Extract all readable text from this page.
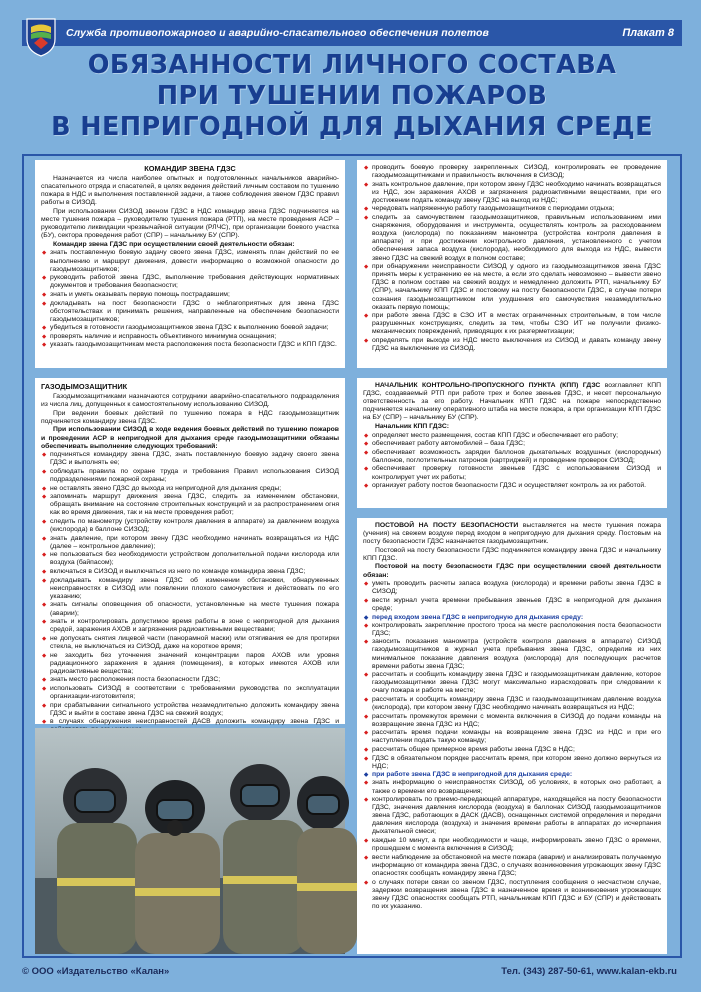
Служба противопожарного и аварийно-спасательного обеспечения полетов	Плакат 8
ОБЯЗАННОСТИ ЛИЧНОГО СОСТАВА
ПРИ ТУШЕНИИ ПОЖАРОВ
В НЕПРИГОДНОЙ ДЛЯ ДЫХАНИЯ СРЕДЕ
КОМАНДИР ЗВЕНА ГДЗС

Назначается из числа наиболее опытных и подготовленных начальников аварийно-спасательного отряда и спасателей, в целях ведения действий личным составом по тушению пожара в НДС и выполнения поставленной задачи, а также соблюдения звеном ГДЗС правил работы в СИЗОД.

При использовании СИЗОД звеном ГДЗС в НДС командир звена ГДЗС подчиняется на месте тушения пожара – руководителю тушения пожара (РТП), на месте проведения АСР – руководителю ликвидации чрезвычайной ситуации (РЛЧС), при организации боевого участка (БУ), сектора проведения работ (СПР) – начальнику БУ (СПР).

Командир звена ГДЗС при осуществлении своей деятельности обязан:

◆ знать поставленную боевую задачу своего звена ГДЗС, изменять план действий по ее выполнению и маршрут движения, довести информацию о возможной опасности до газодымозащитников;
◆ руководить работой звена ГДЗС, выполнение требования действующих нормативных документов и требования безопасности;
◆ знать и уметь оказывать первую помощь пострадавшим;
◆ докладывать на пост безопасности ГДЗС о неблагоприятных для звена ГДЗС обстоятельствах и принимать решения, направленные на обеспечение безопасности газодымозащитников;
◆ убедиться в готовности газодымозащитников звена ГДЗС к выполнению боевой задачи;
◆ проверять наличие и исправность объективного минимума оснащения;
◆ указать газодымозащитникам места расположения поста безопасности ГДЗС и КПП ГДЗС.
◆ проводить боевую проверку закрепленных СИЗОД, контролировать ее проведение газодымозащитниками и правильность включения в СИЗОД;
◆ знать контрольное давление, при котором звену ГДЗС необходимо начинать возвращаться из НДС, зон заражения АХОВ и загрязнения радиоактивными веществами, при его достижении подать команду звену ГДЗС на выход из НДС;
◆ чередовать напряженную работу газодымозащитников с периодами отдыха;
◆ следить за самочувствием газодымозащитников, правильным использованием ими снаряжения, оборудования и инструмента, осуществлять контроль за расходованием воздуха (кислорода) по показаниям манометра (устройства контроля давления в аппарате) и при достижении контрольного давления, установленного с учетом обеспечения запаса воздуха (кислорода), необходимого для выхода из НДС, вывести звено ГДЗС на свежий воздух в полном составе;
◆ при обнаружении неисправности СИЗОД у одного из газодымозащитников звена ГДЗС принять меры к устранению ее на месте, а если это сделать невозможно – вывести звено ГДЗС в полном составе на свежий воздух и немедленно доложить РТП, начальнику БУ (СПР), начальнику КПП ГДЗС и постовому на посту безопасности ГДЗС, в случае потери сознания газодымозащитником или ухудшения его самочувствия незамедлительно оказать первую помощь;
◆ при работе звена ГДЗС в СЗО ИТ в местах ограниченных строительным, в том числе разрушенных конструкциях, следить за тем, чтобы СЗО ИТ не получили физико-механических повреждений, приводящих к их разгерметизации;
◆ определять при выходе из НДС место выключения из СИЗОД и давать команду звену ГДЗС на выключение из СИЗОД.
ГАЗОДЫМОЗАЩИТНИК

Газодымозащитниками назначаются сотрудники аварийно-спасательного подразделения из числа лиц, допущенных к самостоятельному использованию СИЗОД.

При ведении боевых действий по тушению пожара в НДС газодымозащитник подчиняется командиру звена ГДЗС.

При использовании СИЗОД в ходе ведения боевых действий по тушению пожаров и проведении АСР в непригодной для дыхания среде газодымозащитники обязаны обеспечивать выполнение следующих требований:

◆ подчиняться командиру звена ГДЗС, знать поставленную боевую задачу своего звена ГДЗС и выполнять ее;
◆ соблюдать правила по охране труда и требования Правил использования СИЗОД подразделениями пожарной охраны;
◆ не оставлять звено ГДЗС до выхода из непригодной для дыхания среды;
◆ запоминать маршрут движения звена ГДЗС, следить за изменением обстановки, обращать внимание на состояние строительных конструкций и за распространением огня как во время движения, так и на месте проведения работ;
◆ следить по манометру (устройству контроля давления в аппарате) за давлением воздуха (кислорода) в баллоне СИЗОД;
◆ знать давление, при котором звену ГДЗС необходимо начинать возвращаться из НДС (далее – контрольное давление);
◆ не пользоваться без необходимости устройством дополнительной подачи кислорода или воздуха (байпасом);
◆ включаться в СИЗОД и выключаться из него по команде командира звена ГДЗС;
◆ докладывать командиру звена ГДЗС об изменении обстановки, обнаруженных неисправностях в СИЗОД или появлении плохого самочувствия и действовать по его указанию;
◆ знать сигналы оповещения об опасности, установленные на месте тушения пожара (аварии);
◆ знать и контролировать допустимое время работы в зоне с непригодной для дыхания средой, заражения АХОВ и загрязнения радиоактивными веществами;
◆ не допускать снятия лицевой части (панорамной маски) или отягивания ее для протирки стекла, не выключаться из СИЗОД, даже на короткое время;
◆ не заходить без уточнения значений концентрации паров АХОВ или уровня радиационного заражения в здания (помещения), в которых имеются АХОВ или радиоактивные вещества;
◆ знать место расположения поста безопасности ГДЗС;
◆ использовать СИЗОД в соответствии с требованиями руководства по эксплуатации организации-изготовителя;
◆ при срабатывании сигнального устройства незамедлительно доложить командиру звена ГДЗС и выйти в составе звена ГДЗС на свежий воздух;
◆ в случаях обнаружения неисправностей ДАСВ доложить командиру звена ГДЗС и

НАЧАЛЬНИК КОНТРОЛЬНО-ПРОПУСКНОГО ПУНКТА (КПП) ГДЗС возглавляет КПП ГДЗС, создаваемый РТП при работе трех и более звеньев ГДЗС, и несет персональную ответственность за его работу. Начальник КПП ГДЗС на пожаре непосредственно подчиняется начальнику оперативного штаба на месте пожара, а при организации КПП ГДЗС на БУ (СПР) – начальнику БУ (СПР).

Начальник КПП ГДЗС:

◆ определяет место размещения, состав КПП ГДЗС и обеспечивает его работу;
◆ обеспечивает работу автомобилей – база ГДЗС;
◆ обеспечивает возможность зарядки баллонов дыхательных воздушных (кислородных) баллонов, поглотительных патронов (картриджей) и проведение проверок СИЗОД;
◆ обеспечивает проверку готовности звеньев ГДЗС с использованием СИЗОД и контролирует учет их работы;
◆ организует работу постов безопасности ГДЗС и осуществляет контроль за их работой.

ПОСТОВОЙ НА ПОСТУ БЕЗОПАСНОСТИ выставляется на месте тушения пожара (учения) на свежем воздухе перед входом в непригодную для дыхания среду. Постовым на посту безопасности ГДЗС назначается газодымозащитник.

Постовой на посту безопасности ГДЗС подчиняется командиру звена ГДЗС и начальнику КПП ГДЗС.

Постовой на посту безопасности ГДЗС при осуществлении своей деятельности обязан:

◆ уметь проводить расчеты запаса воздуха (кислорода) и времени работы звена ГДЗС в СИЗОД;
◆ вести журнал учета времени пребывания звеньев ГДЗС в непригодной для дыхания среде;
◆ перед входом звена ГДЗС в непригодную для дыхания среду:
◆ контролировать закрепление простого троса на месте расположения поста безопасности ГДЗС;
◆ заносить показания манометра (устройств контроля давления в аппарате) СИЗОД газодымозащитников в журнал учета пребывания звена ГДЗС, определив из них минимальное показание давления воздуха (кислорода) для последующих расчетов времени работы звена ГДЗС;
◆ рассчитать и сообщить командиру звена ГДЗС и газодымозащитникам давление, которое газодымозащитники звена ГДЗС могут максимально израсходовать при следовании к очагу пожара и работе на месте;
◆ рассчитать и сообщить командиру звена ГДЗС и газодымозащитникам давление воздуха (кислорода), при котором звену ГДЗС необходимо начинать возвращаться из НДС;
◆ рассчитать промежуток времени с момента включения в СИЗОД до подачи команды на возвращение звена ГДЗС из НДС;
◆ рассчитать время подачи команды на возвращение звена ГДЗС из НДС и при его наступлении подать такую команду;
◆ рассчитать общее примерное время работы звена ГДЗС в НДС;
◆ ГДЗС в обязательном порядке рассчитать время, при котором звено должно вернуться из НДС;
◆ при работе звена ГДЗС в непригодной для дыхания среде:
◆ знать информацию о неисправностях СИЗОД, об условиях, в которых оно работает, а также о времени его возвращения;
◆ контролировать по приемо-передающей аппаратуре, находящейся на посту безопасности ГДЗС, значения давления кислорода (воздуха) в баллонах СИЗОД газодымозащитников звена ГДЗС, работающих в ДАСК (ДАСВ), оснащенных системой определения и передачи давления кислорода (воздуха) и значения времени работы в аппаратах до исчерпания дыхательной смеси;
◆ каждые 10 минут, а при необходимости и чаще, информировать звено ГДЗС о времени, прошедшем с момента включения в СИЗОД;
◆ вести наблюдение за обстановкой на месте пожара (аварии) и анализировать получаемую информацию от командира звена ГДЗС, о случаях возникновения угрожающих звену ГДЗС опасностях сообщать командиру звена ГДЗС;
◆ о случаях потери связи со звеном ГДЗС, поступления сообщения о несчастном случае, задержки возвращения звена ГДЗС в назначенное время и возникновения угрожающих звену ГДЗС опасностях сообщать РТП, начальникам КПП ГДЗС и БУ (СПР) и действовать по их указанию.
© ООО «Издательство «Калан»	Тел. (343) 287-50-61, www.kalan-ekb.ru
